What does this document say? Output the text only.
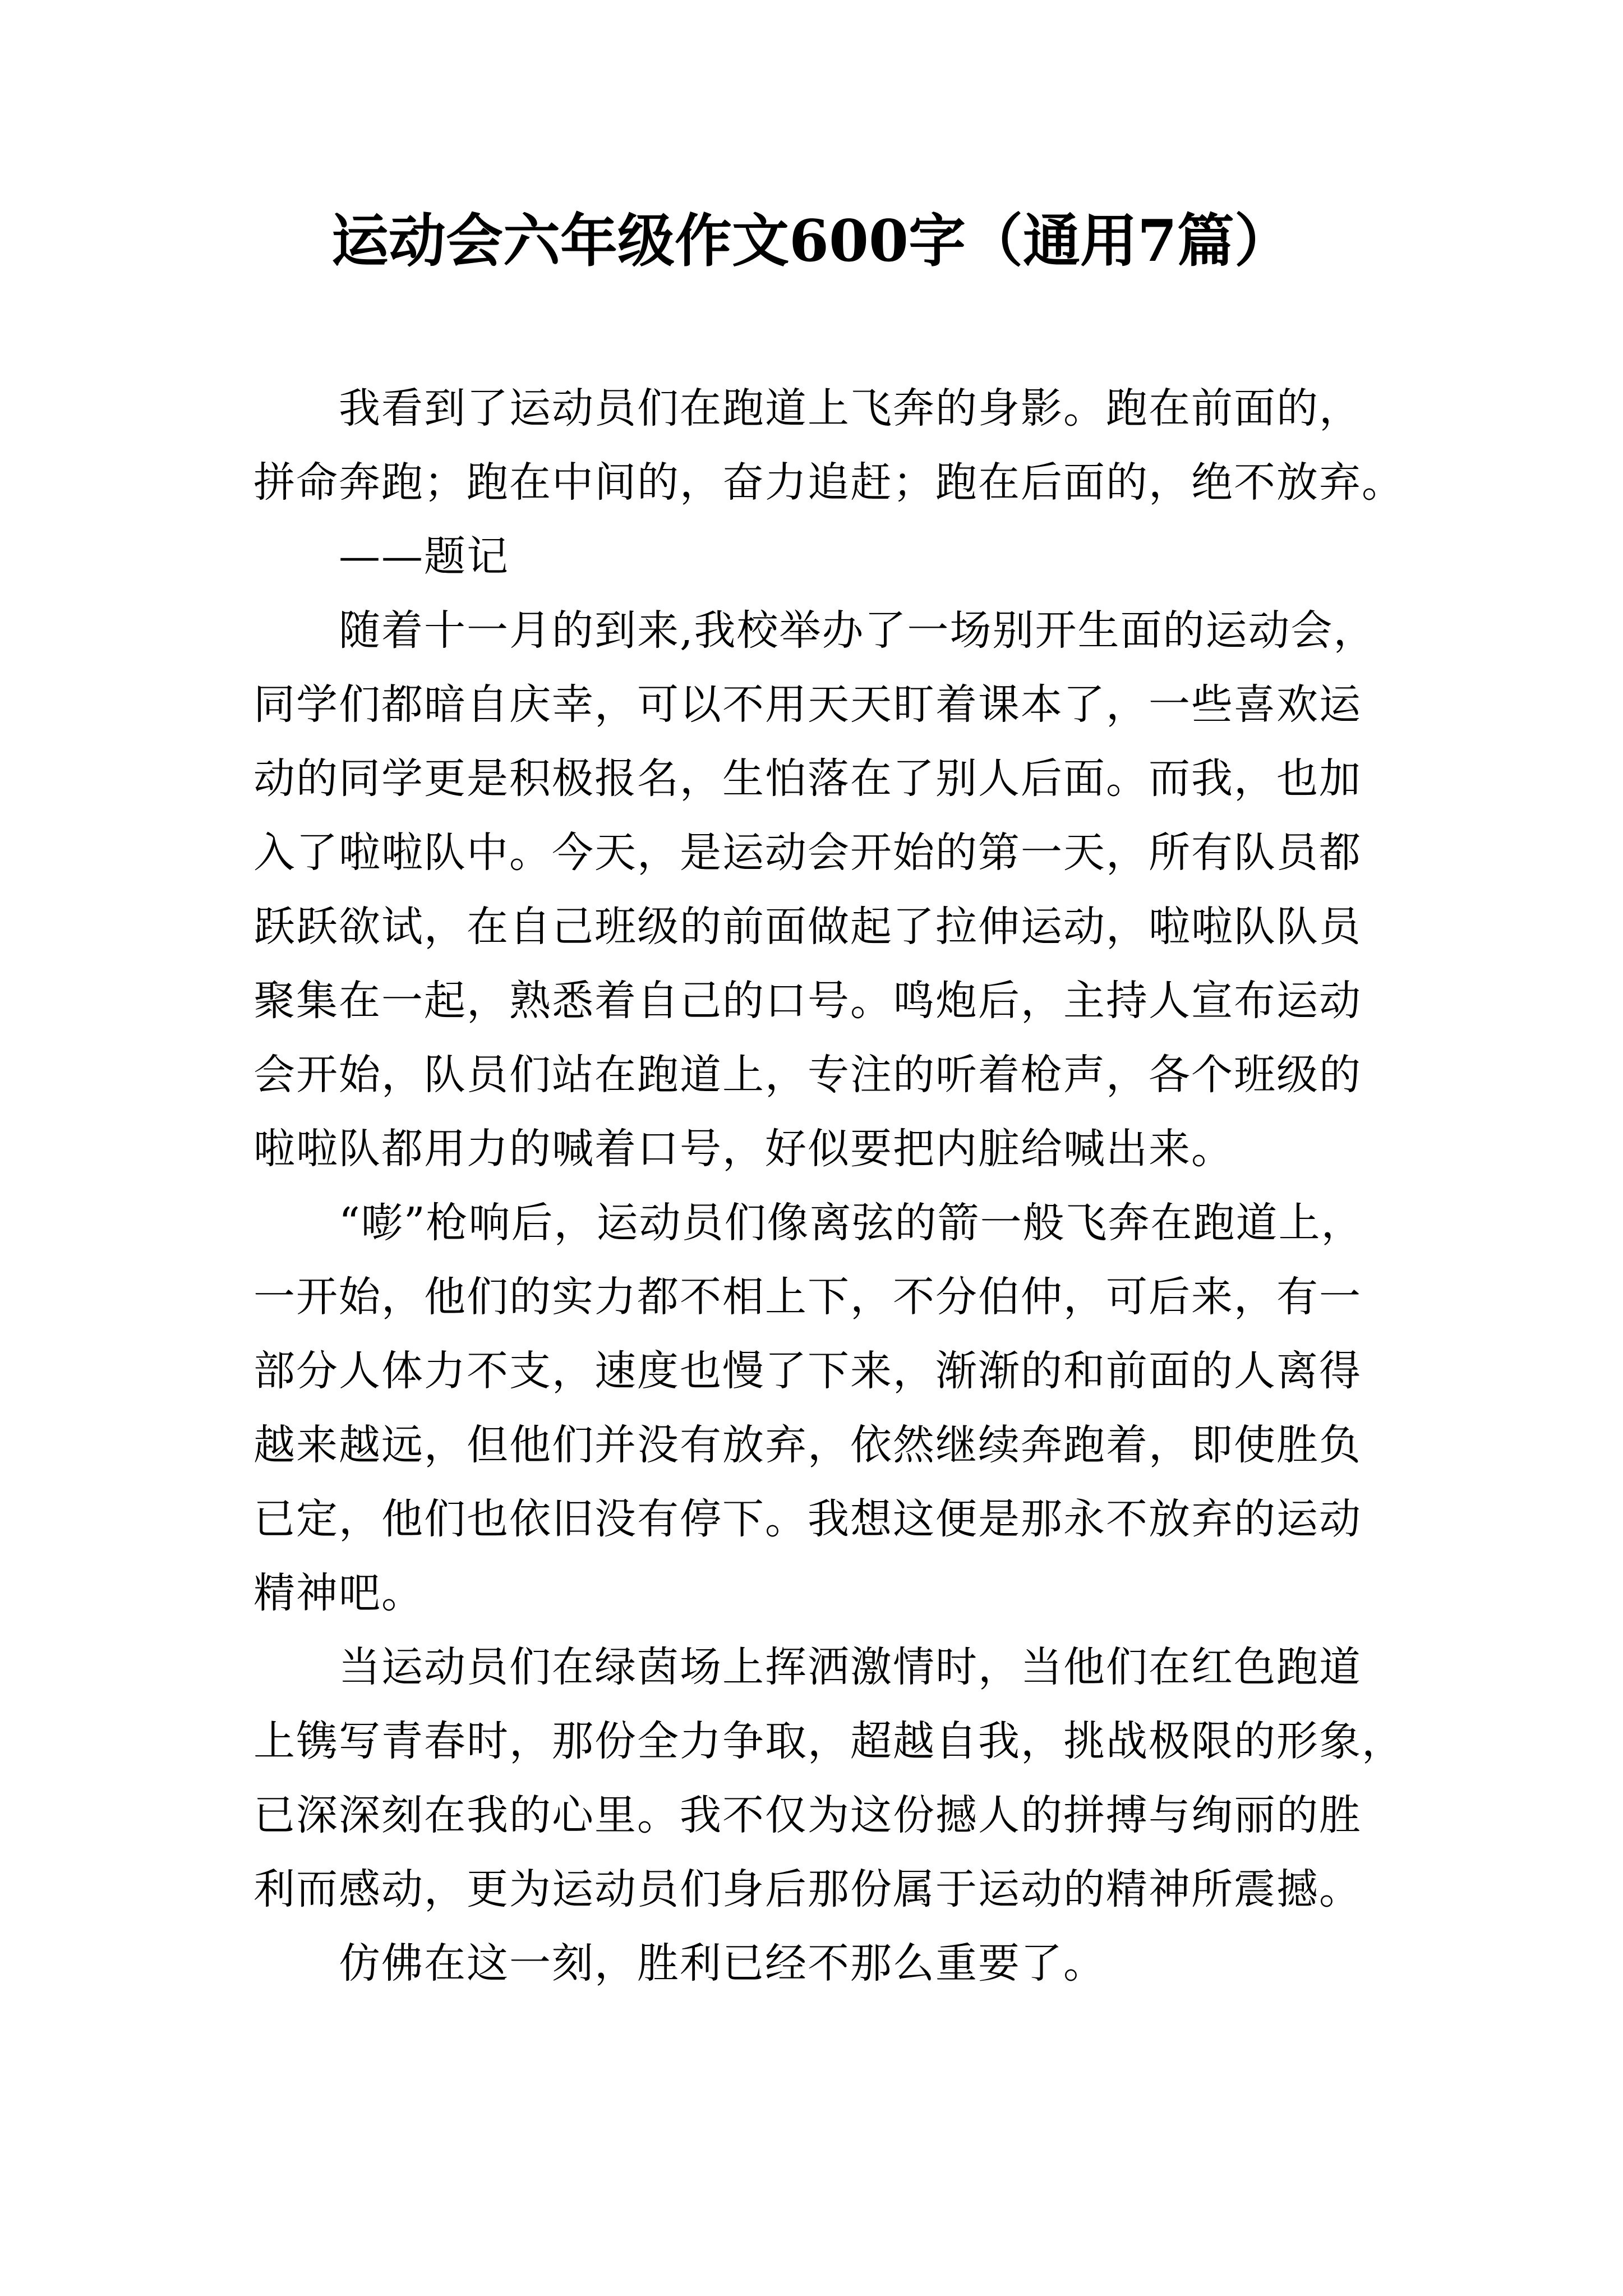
运动会六年级作文600字（通用7篇）
我看到了运动员们在跑道上飞奔的身影。跑在前面的，
拼命奔跑；跑在中间的，奋力追赶；跑在后面的，绝不放弃。
——题记
随着十一月的到来,我校举办了一场别开生面的运动会，
同学们都暗自庆幸，可以不用天天盯着课本了，一些喜欢运
动的同学更是积极报名，生怕落在了别人后面。而我，也加
入了啦啦队中。今天，是运动会开始的第一天，所有队员都
跃跃欲试，在自己班级的前面做起了拉伸运动，啦啦队队员
聚集在一起，熟悉着自己的口号。鸣炮后，主持人宣布运动
会开始，队员们站在跑道上，专注的听着枪声，各个班级的
啦啦队都用力的喊着口号，好似要把内脏给喊出来。
“嘭”枪响后，运动员们像离弦的箭一般飞奔在跑道上，
一开始，他们的实力都不相上下，不分伯仲，可后来，有一
部分人体力不支，速度也慢了下来，渐渐的和前面的人离得
越来越远，但他们并没有放弃，依然继续奔跑着，即使胜负
已定，他们也依旧没有停下。我想这便是那永不放弃的运动
精神吧。
当运动员们在绿茵场上挥洒激情时，当他们在红色跑道
上镌写青春时，那份全力争取，超越自我，挑战极限的形象，
已深深刻在我的心里。我不仅为这份撼人的拼搏与绚丽的胜
利而感动，更为运动员们身后那份属于运动的精神所震撼。
仿佛在这一刻，胜利已经不那么重要了。
